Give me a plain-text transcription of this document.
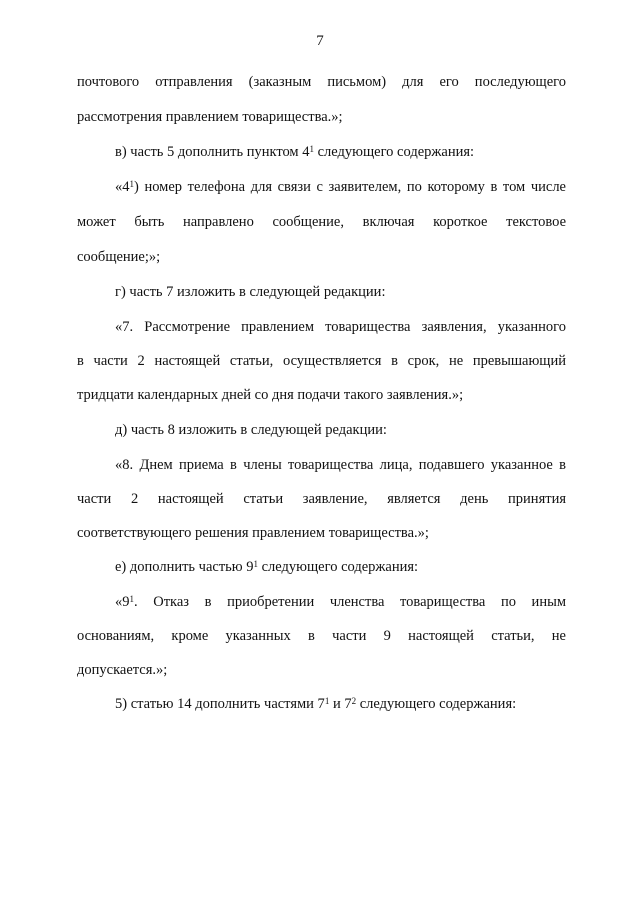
7
почтового отправления (заказным письмом) для его последующего
рассмотрения правлением товарищества.»;
в) часть 5 дополнить пунктом $4^1$ следующего содержания:
«$4^1$) номер телефона для связи с заявителем, по которому в том числе
может быть направлено сообщение, включая короткое текстовое
сообщение;»;
г) часть 7 изложить в следующей редакции:
«7. Рассмотрение правлением товарищества заявления, указанного
в части 2 настоящей статьи, осуществляется в срок, не превышающий
тридцати календарных дней со дня подачи такого заявления.»;
д) часть 8 изложить в следующей редакции:
«8. Днем приема в члены товарищества лица, подавшего указанное в
части 2 настоящей статьи заявление, является день принятия
соответствующего решения правлением товарищества.»;
е) дополнить частью $9^1$ следующего содержания:
«$9^1$. Отказ в приобретении членства товарищества по иным
основаниям, кроме указанных в части 9 настоящей статьи, не
допускается.»;
5) статью 14 дополнить частями $7^1$ и $7^2$ следующего содержания:
